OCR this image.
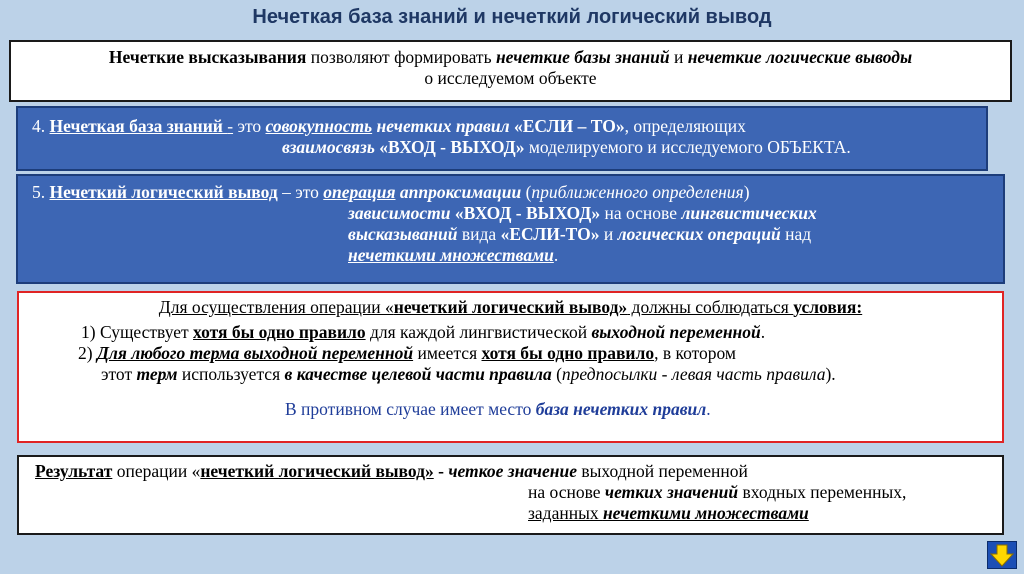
Нечеткая база знаний и нечеткий логический вывод
Нечеткие высказывания позволяют формировать нечеткие базы знаний и нечеткие логические выводы
о исследуемом объекте
4. Нечеткая база знаний - это совокупность нечетких правил «ЕСЛИ – ТО», определяющих
взаимосвязь «ВХОД - ВЫХОД» моделируемого и исследуемого ОБЪЕКТА.
5. Нечеткий логический вывод – это операция аппроксимации (приближенного определения)
зависимости «ВХОД - ВЫХОД» на основе лингвистических
высказываний вида «ЕСЛИ-ТО» и логических операций над
нечеткими множествами.
Для осуществления операции «нечеткий логический вывод» должны соблюдаться условия:
1) Существует хотя бы одно правило для каждой лингвистической выходной переменной.
2) Для любого терма выходной переменной имеется хотя бы одно правило, в котором
этот терм используется в качестве целевой части правила (предпосылки - левая часть правила).
В противном случае имеет место база нечетких правил.
Результат операции «нечеткий логический вывод» - четкое значение выходной переменной
на основе четких значений входных переменных,
заданных нечеткими множествами
